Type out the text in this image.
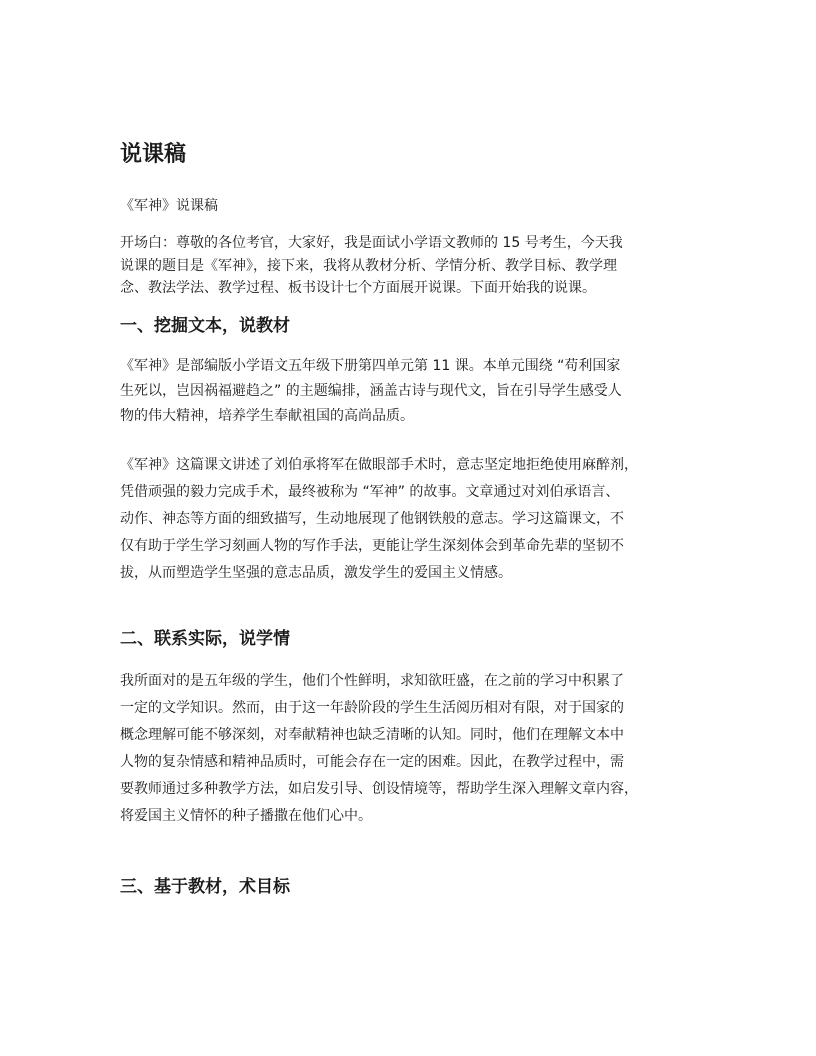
说课稿

《军神》说课稿

开场白：尊敬的各位考官，大家好，我是面试小学语文教师的 15 号考生，今天我
说课的题目是《军神》，接下来，我将从教材分析、学情分析、教学目标、教学理
念、教法学法、教学过程、板书设计七个方面展开说课。下面开始我的说课。

一、挖掘文本，说教材

《军神》是部编版小学语文五年级下册第四单元第 11 课。本单元围绕 “苟利国家
生死以，岂因祸福避趋之” 的主题编排，涵盖古诗与现代文，旨在引导学生感受人
物的伟大精神，培养学生奉献祖国的高尚品质。

《军神》这篇课文讲述了刘伯承将军在做眼部手术时，意志坚定地拒绝使用麻醉剂，
凭借顽强的毅力完成手术，最终被称为 “军神” 的故事。文章通过对刘伯承语言、
动作、神态等方面的细致描写，生动地展现了他钢铁般的意志。学习这篇课文，不
仅有助于学生学习刻画人物的写作手法，更能让学生深刻体会到革命先辈的坚韧不
拔，从而塑造学生坚强的意志品质，激发学生的爱国主义情感。

二、联系实际，说学情

我所面对的是五年级的学生，他们个性鲜明，求知欲旺盛，在之前的学习中积累了
一定的文学知识。然而，由于这一年龄阶段的学生生活阅历相对有限，对于国家的
概念理解可能不够深刻，对奉献精神也缺乏清晰的认知。同时，他们在理解文本中
人物的复杂情感和精神品质时，可能会存在一定的困难。因此，在教学过程中，需
要教师通过多种教学方法，如启发引导、创设情境等，帮助学生深入理解文章内容，
将爱国主义情怀的种子播撒在他们心中。

三、基于教材，术目标
